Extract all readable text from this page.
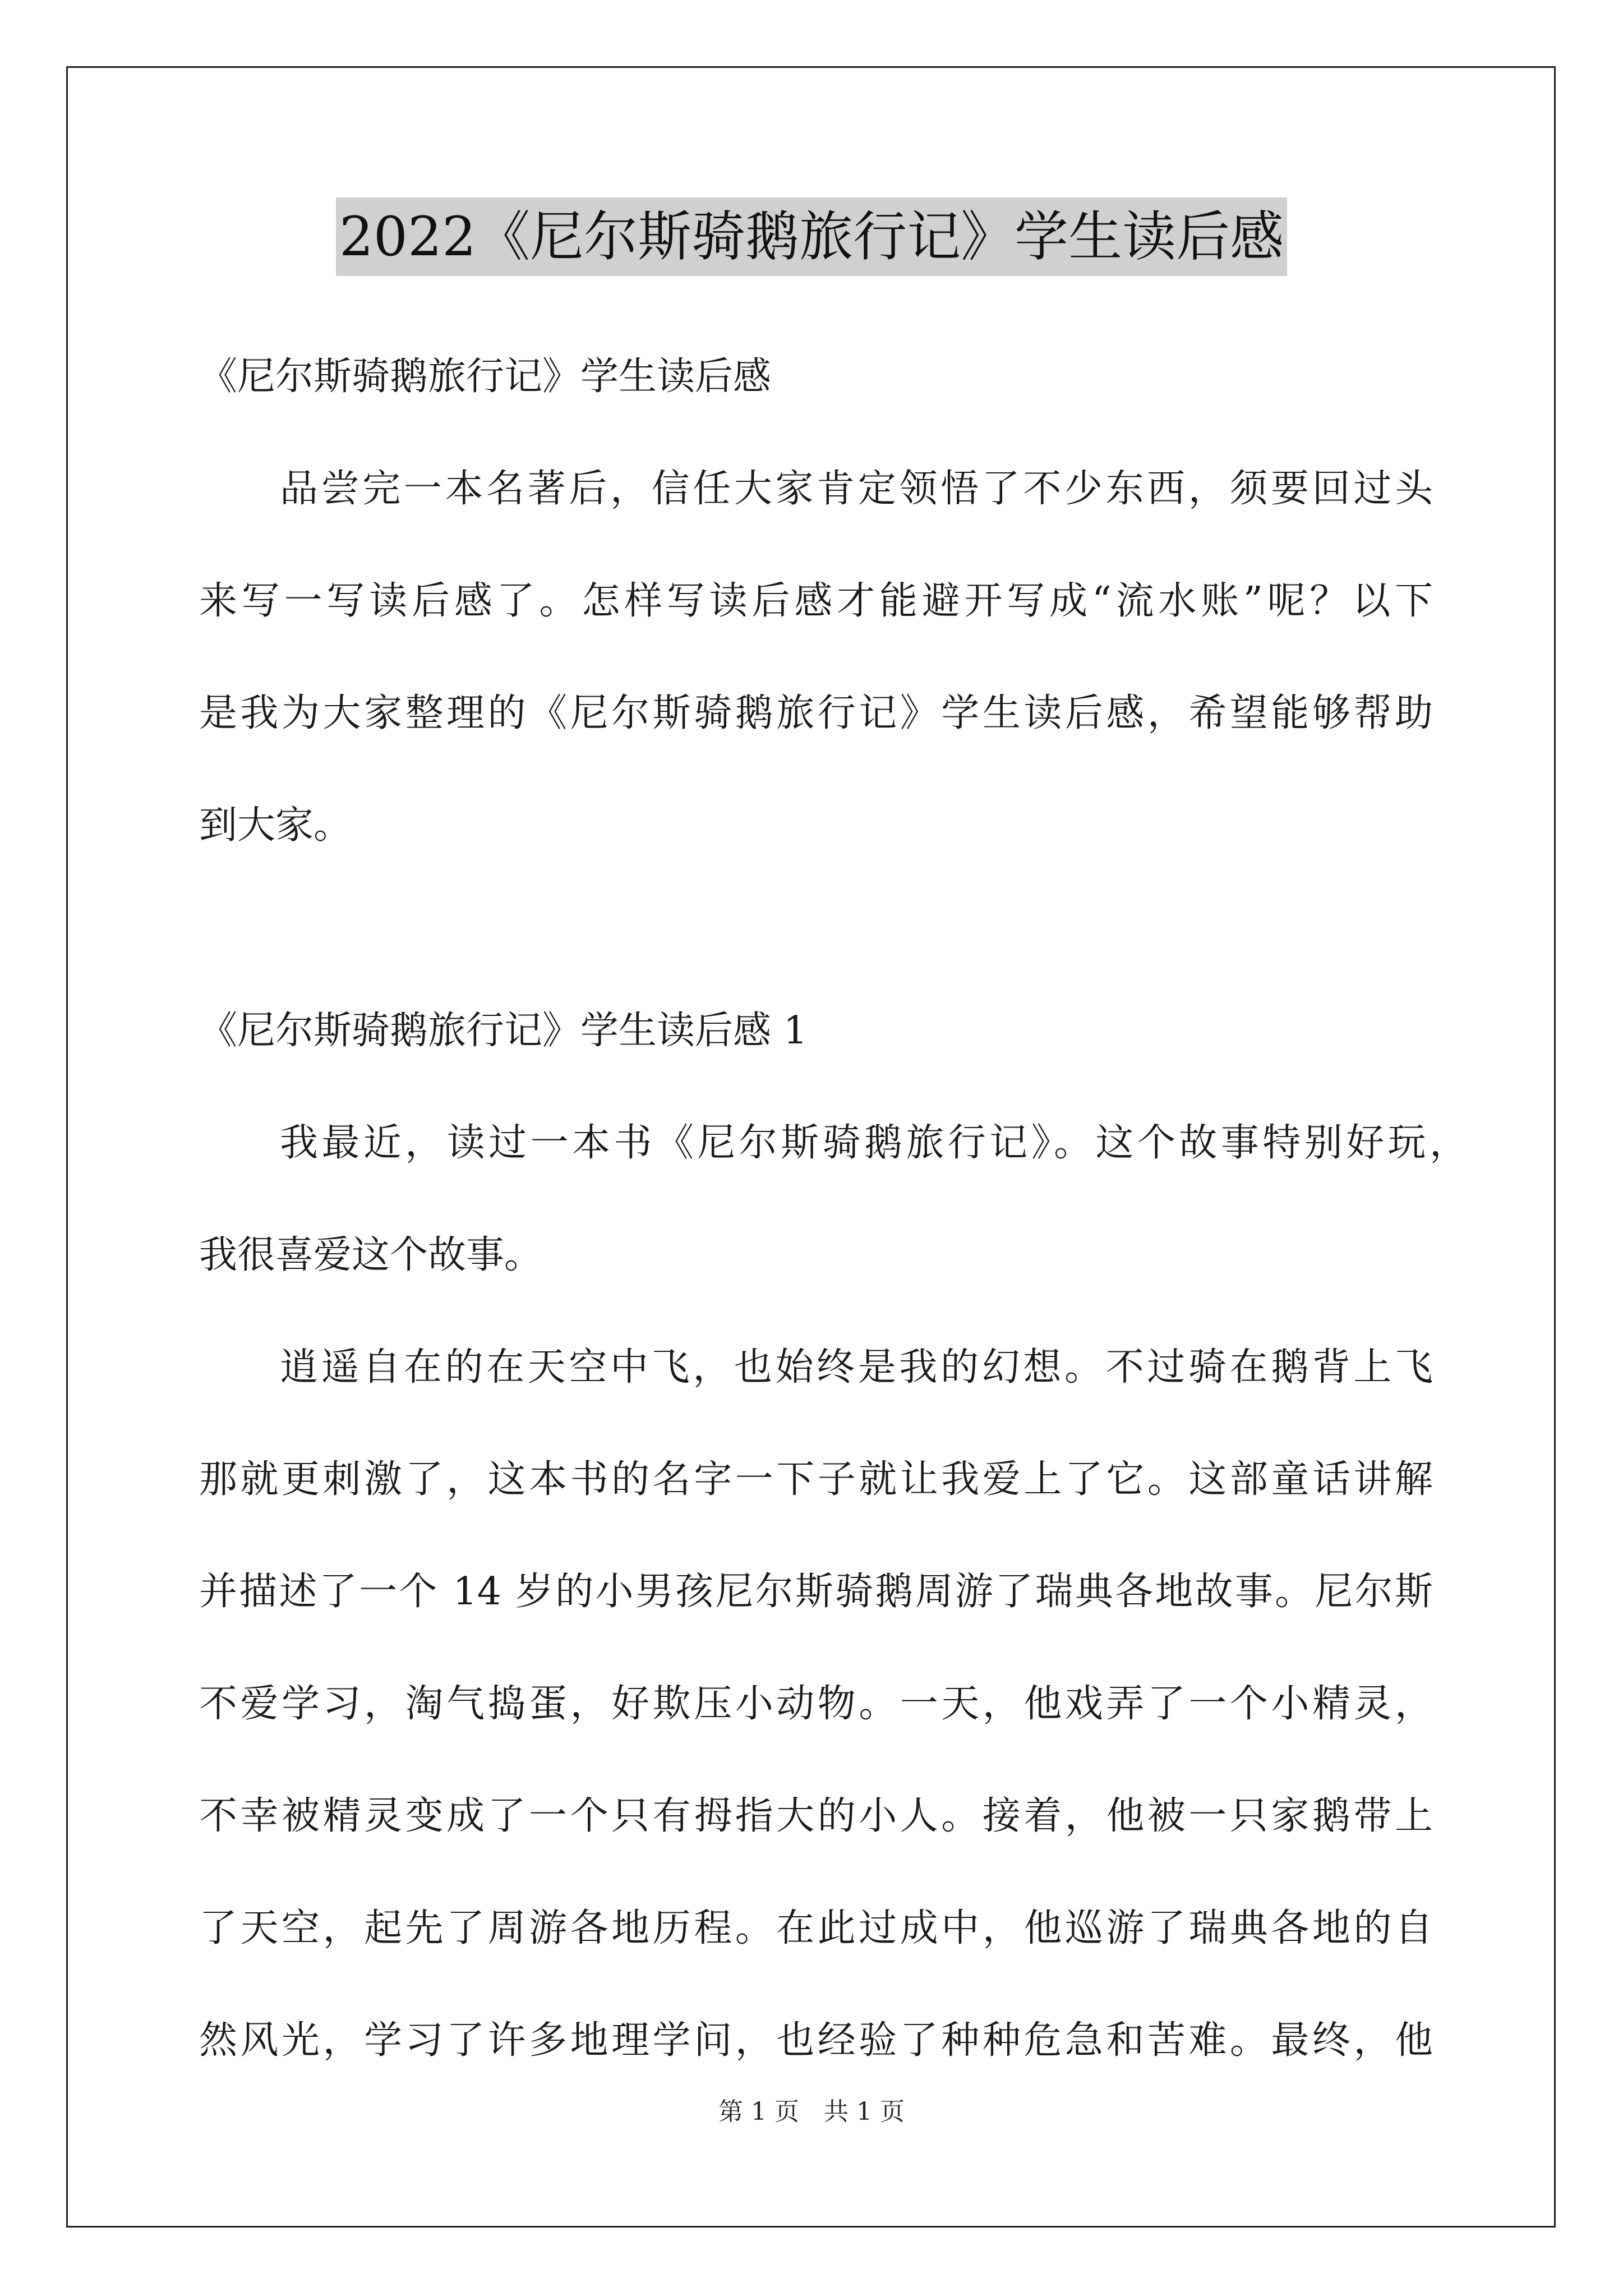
2022《尼尔斯骑鹅旅行记》学生读后感
《尼尔斯骑鹅旅行记》学生读后感
品尝完一本名著后，信任大家肯定领悟了不少东西，须要回过头
来写一写读后感了。怎样写读后感才能避开写成“流水账”呢？以下
是我为大家整理的《尼尔斯骑鹅旅行记》学生读后感，希望能够帮助
到大家。
《尼尔斯骑鹅旅行记》学生读后感 1
我最近，读过一本书《尼尔斯骑鹅旅行记》。这个故事特别好玩，
我很喜爱这个故事。
逍遥自在的在天空中飞，也始终是我的幻想。不过骑在鹅背上飞
那就更刺激了，这本书的名字一下子就让我爱上了它。这部童话讲解
并描述了一个 14 岁的小男孩尼尔斯骑鹅周游了瑞典各地故事。尼尔斯
不爱学习，淘气捣蛋，好欺压小动物。一天，他戏弄了一个小精灵，
不幸被精灵变成了一个只有拇指大的小人。接着，他被一只家鹅带上
了天空，起先了周游各地历程。在此过成中，他巡游了瑞典各地的自
然风光，学习了许多地理学问，也经验了种种危急和苦难。最终，他
第 1 页　共 1 页
